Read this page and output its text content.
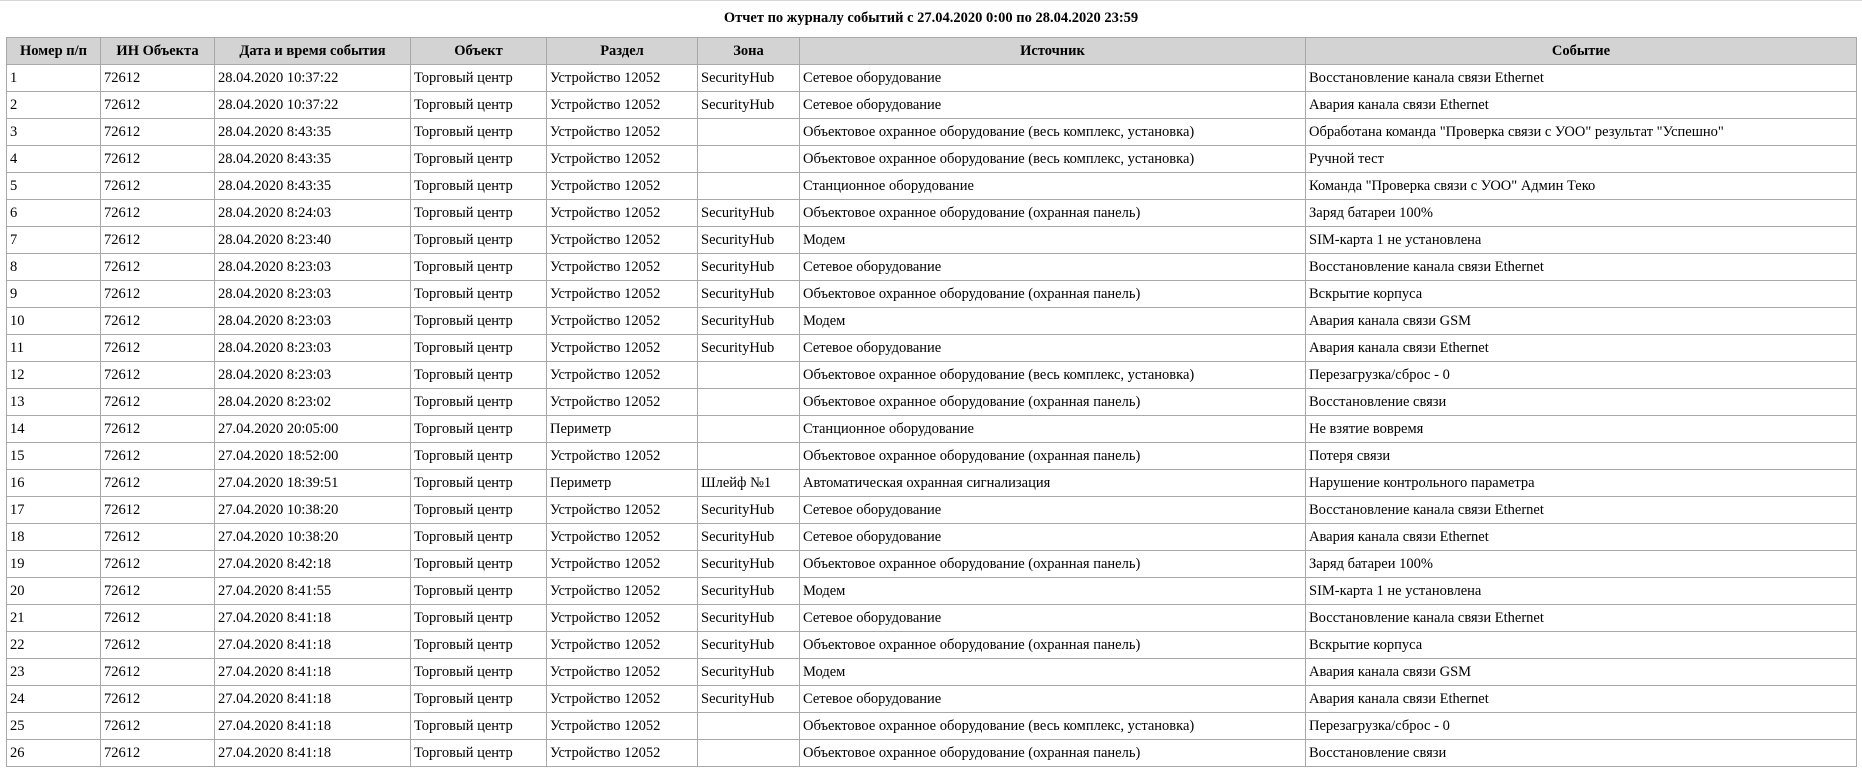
Отчет по журналу событий с 27.04.2020 0:00 по 28.04.2020 23:59
Номер п/п	ИН Объекта	Дата и время события	Объект	Раздел	Зона	Источник	Событие
1	72612	28.04.2020 10:37:22	Торговый центр	Устройство 12052	SecurityHub	Сетевое оборудование	Восстановление канала связи Ethernet
2	72612	28.04.2020 10:37:22	Торговый центр	Устройство 12052	SecurityHub	Сетевое оборудование	Авария канала связи Ethernet
3	72612	28.04.2020 8:43:35	Торговый центр	Устройство 12052		Объектовое охранное оборудование (весь комплекс, установка)	Обработана команда "Проверка связи с УОО" результат "Успешно"
4	72612	28.04.2020 8:43:35	Торговый центр	Устройство 12052		Объектовое охранное оборудование (весь комплекс, установка)	Ручной тест
5	72612	28.04.2020 8:43:35	Торговый центр	Устройство 12052		Станционное оборудование	Команда "Проверка связи с УОО" Админ Теко
6	72612	28.04.2020 8:24:03	Торговый центр	Устройство 12052	SecurityHub	Объектовое охранное оборудование (охранная панель)	Заряд батареи 100%
7	72612	28.04.2020 8:23:40	Торговый центр	Устройство 12052	SecurityHub	Модем	SIM-карта 1 не установлена
8	72612	28.04.2020 8:23:03	Торговый центр	Устройство 12052	SecurityHub	Сетевое оборудование	Восстановление канала связи Ethernet
9	72612	28.04.2020 8:23:03	Торговый центр	Устройство 12052	SecurityHub	Объектовое охранное оборудование (охранная панель)	Вскрытие корпуса
10	72612	28.04.2020 8:23:03	Торговый центр	Устройство 12052	SecurityHub	Модем	Авария канала связи GSM
11	72612	28.04.2020 8:23:03	Торговый центр	Устройство 12052	SecurityHub	Сетевое оборудование	Авария канала связи Ethernet
12	72612	28.04.2020 8:23:03	Торговый центр	Устройство 12052		Объектовое охранное оборудование (весь комплекс, установка)	Перезагрузка/сброс - 0
13	72612	28.04.2020 8:23:02	Торговый центр	Устройство 12052		Объектовое охранное оборудование (охранная панель)	Восстановление связи
14	72612	27.04.2020 20:05:00	Торговый центр	Периметр		Станционное оборудование	Не взятие вовремя
15	72612	27.04.2020 18:52:00	Торговый центр	Устройство 12052		Объектовое охранное оборудование (охранная панель)	Потеря связи
16	72612	27.04.2020 18:39:51	Торговый центр	Периметр	Шлейф №1	Автоматическая охранная сигнализация	Нарушение контрольного параметра
17	72612	27.04.2020 10:38:20	Торговый центр	Устройство 12052	SecurityHub	Сетевое оборудование	Восстановление канала связи Ethernet
18	72612	27.04.2020 10:38:20	Торговый центр	Устройство 12052	SecurityHub	Сетевое оборудование	Авария канала связи Ethernet
19	72612	27.04.2020 8:42:18	Торговый центр	Устройство 12052	SecurityHub	Объектовое охранное оборудование (охранная панель)	Заряд батареи 100%
20	72612	27.04.2020 8:41:55	Торговый центр	Устройство 12052	SecurityHub	Модем	SIM-карта 1 не установлена
21	72612	27.04.2020 8:41:18	Торговый центр	Устройство 12052	SecurityHub	Сетевое оборудование	Восстановление канала связи Ethernet
22	72612	27.04.2020 8:41:18	Торговый центр	Устройство 12052	SecurityHub	Объектовое охранное оборудование (охранная панель)	Вскрытие корпуса
23	72612	27.04.2020 8:41:18	Торговый центр	Устройство 12052	SecurityHub	Модем	Авария канала связи GSM
24	72612	27.04.2020 8:41:18	Торговый центр	Устройство 12052	SecurityHub	Сетевое оборудование	Авария канала связи Ethernet
25	72612	27.04.2020 8:41:18	Торговый центр	Устройство 12052		Объектовое охранное оборудование (весь комплекс, установка)	Перезагрузка/сброс - 0
26	72612	27.04.2020 8:41:18	Торговый центр	Устройство 12052		Объектовое охранное оборудование (охранная панель)	Восстановление связи
